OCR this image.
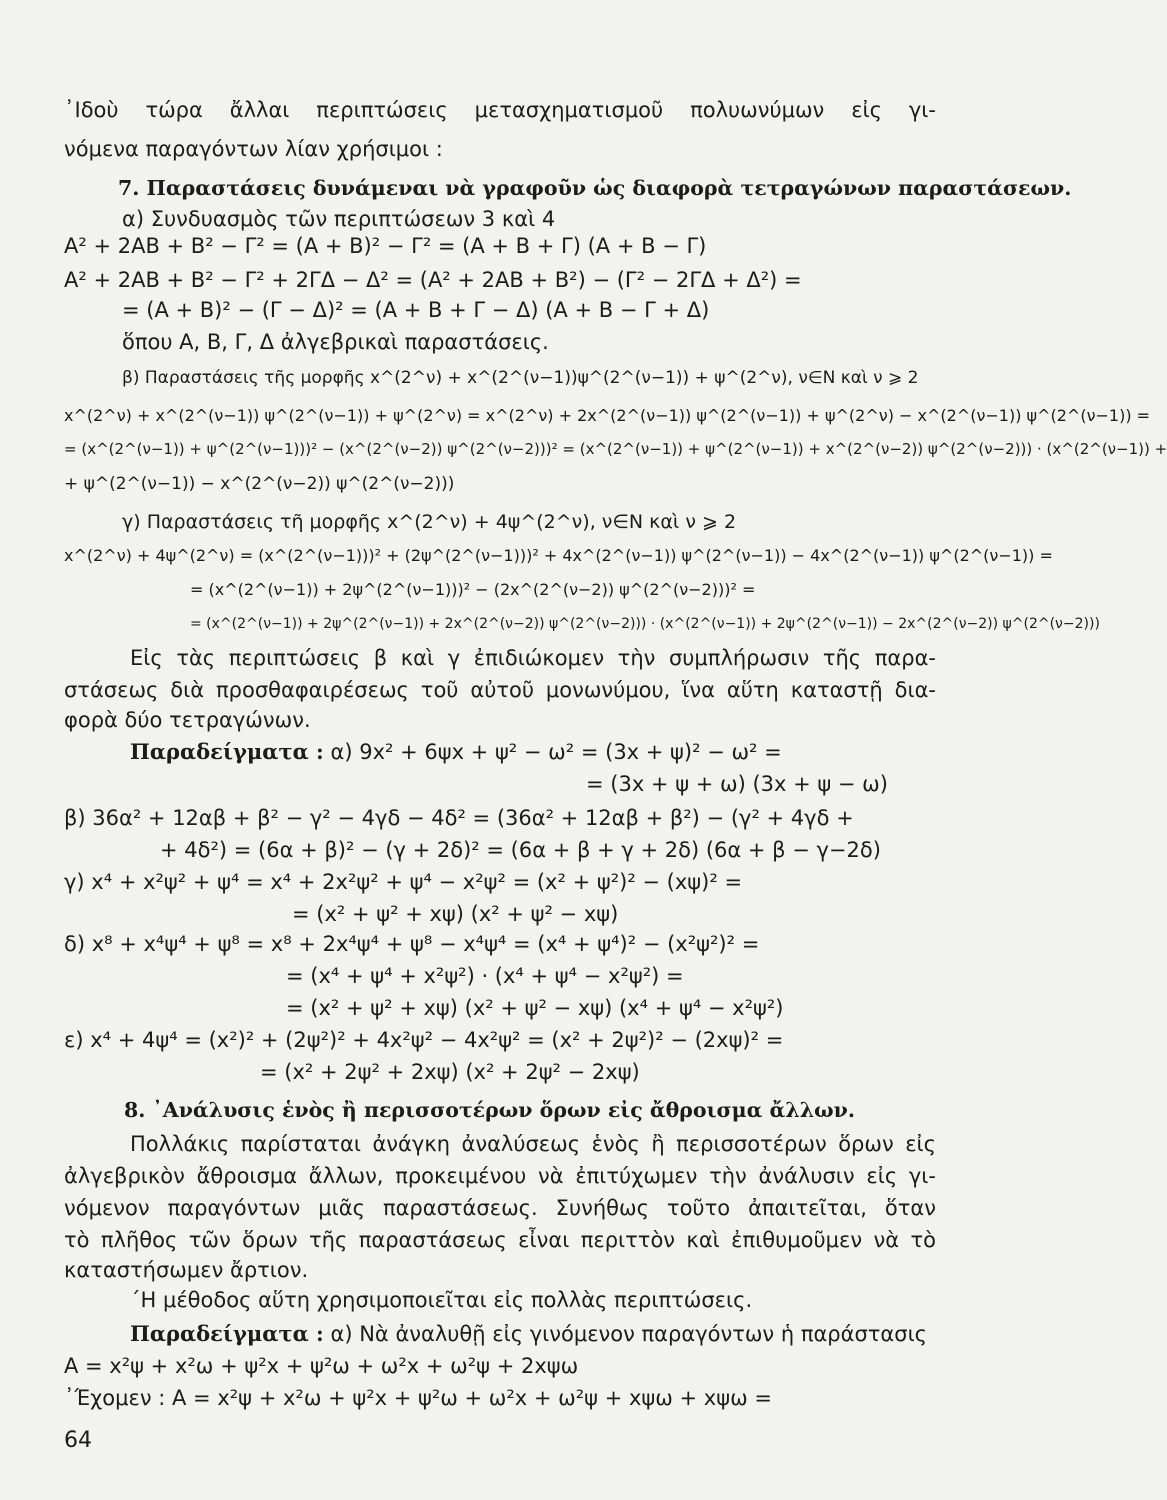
᾿Ιδοὺ τώρα ἄλλαι περιπτώσεις μετασχηματισμοῦ πολυωνύμων εἰς γι-
νόμενα παραγόντων λίαν χρήσιμοι :
7. Παραστάσεις δυνάμεναι νὰ γραφοῦν ὡς διαφορὰ τετραγώνων παραστάσεων.
α) Συνδυασμὸς τῶν περιπτώσεων 3 καὶ 4
A² + 2AB + B² − Γ² = (A + B)² − Γ² = (A + B + Γ) (A + B − Γ)
A² + 2AB + B² − Γ² + 2ΓΔ − Δ² = (A² + 2AB + B²) − (Γ² − 2ΓΔ + Δ²) =
= (A + B)² − (Γ − Δ)² = (A + B + Γ − Δ) (A + B − Γ + Δ)
ὅπου A, B, Γ, Δ ἀλγεβρικαὶ παραστάσεις.
β) Παραστάσεις τῆς μορφῆς x^(2^ν) + x^(2^(ν−1))ψ^(2^(ν−1)) + ψ^(2^ν), ν∈N καὶ ν ⩾ 2
x^(2^ν) + x^(2^(ν−1)) ψ^(2^(ν−1)) + ψ^(2^ν) = x^(2^ν) + 2x^(2^(ν−1)) ψ^(2^(ν−1)) + ψ^(2^ν) − x^(2^(ν−1)) ψ^(2^(ν−1)) =
= (x^(2^(ν−1)) + ψ^(2^(ν−1)))² − (x^(2^(ν−2)) ψ^(2^(ν−2)))² = (x^(2^(ν−1)) + ψ^(2^(ν−1)) + x^(2^(ν−2)) ψ^(2^(ν−2))) · (x^(2^(ν−1)) +
+ ψ^(2^(ν−1)) − x^(2^(ν−2)) ψ^(2^(ν−2)))
γ) Παραστάσεις τῆ μορφῆς x^(2^ν) + 4ψ^(2^ν), ν∈N καὶ ν ⩾ 2
x^(2^ν) + 4ψ^(2^ν) = (x^(2^(ν−1)))² + (2ψ^(2^(ν−1)))² + 4x^(2^(ν−1)) ψ^(2^(ν−1)) − 4x^(2^(ν−1)) ψ^(2^(ν−1)) =
= (x^(2^(ν−1)) + 2ψ^(2^(ν−1)))² − (2x^(2^(ν−2)) ψ^(2^(ν−2)))² =
= (x^(2^(ν−1)) + 2ψ^(2^(ν−1)) + 2x^(2^(ν−2)) ψ^(2^(ν−2))) · (x^(2^(ν−1)) + 2ψ^(2^(ν−1)) − 2x^(2^(ν−2)) ψ^(2^(ν−2)))
Εἰς τὰς περιπτώσεις β καὶ γ ἐπιδιώκομεν τὴν συμπλήρωσιν τῆς παρα-
στάσεως διὰ προσθαφαιρέσεως τοῦ αὐτοῦ μονωνύμου, ἵνα αὕτη καταστῇ δια-
φορὰ δύο τετραγώνων.
Παραδείγματα : α) 9x² + 6ψx + ψ² − ω² = (3x + ψ)² − ω² =
= (3x + ψ + ω) (3x + ψ − ω)
β) 36α² + 12αβ + β² − γ² − 4γδ − 4δ² = (36α² + 12αβ + β²) − (γ² + 4γδ +
+ 4δ²) = (6α + β)² − (γ + 2δ)² = (6α + β + γ + 2δ) (6α + β − γ−2δ)
γ) x⁴ + x²ψ² + ψ⁴ = x⁴ + 2x²ψ² + ψ⁴ − x²ψ² = (x² + ψ²)² − (xψ)² =
= (x² + ψ² + xψ) (x² + ψ² − xψ)
δ) x⁸ + x⁴ψ⁴ + ψ⁸ = x⁸ + 2x⁴ψ⁴ + ψ⁸ − x⁴ψ⁴ = (x⁴ + ψ⁴)² − (x²ψ²)² =
= (x⁴ + ψ⁴ + x²ψ²) · (x⁴ + ψ⁴ − x²ψ²) =
= (x² + ψ² + xψ) (x² + ψ² − xψ) (x⁴ + ψ⁴ − x²ψ²)
ε) x⁴ + 4ψ⁴ = (x²)² + (2ψ²)² + 4x²ψ² − 4x²ψ² = (x² + 2ψ²)² − (2xψ)² =
= (x² + 2ψ² + 2xψ) (x² + 2ψ² − 2xψ)
8. ᾿Ανάλυσις ἑνὸς ἢ περισσοτέρων ὅρων εἰς ἄθροισμα ἄλλων.
Πολλάκις παρίσταται ἀνάγκη ἀναλύσεως ἑνὸς ἢ περισσοτέρων ὅρων εἰς
ἀλγεβρικὸν ἄθροισμα ἄλλων, προκειμένου νὰ ἐπιτύχωμεν τὴν ἀνάλυσιν εἰς γι-
νόμενον παραγόντων μιᾶς παραστάσεως. Συνήθως τοῦτο ἀπαιτεῖται, ὅταν
τὸ πλῆθος τῶν ὅρων τῆς παραστάσεως εἶναι περιττὸν καὶ ἐπιθυμοῦμεν νὰ τὸ
καταστήσωμεν ἄρτιον.
´Η μέθοδος αὕτη χρησιμοποιεῖται εἰς πολλὰς περιπτώσεις.
Παραδείγματα : α) Νὰ ἀναλυθῇ εἰς γινόμενον παραγόντων ἡ παράστασις
A = x²ψ + x²ω + ψ²x + ψ²ω + ω²x + ω²ψ + 2xψω
᾿Έχομεν : A = x²ψ + x²ω + ψ²x + ψ²ω + ω²x + ω²ψ + xψω + xψω =
64
